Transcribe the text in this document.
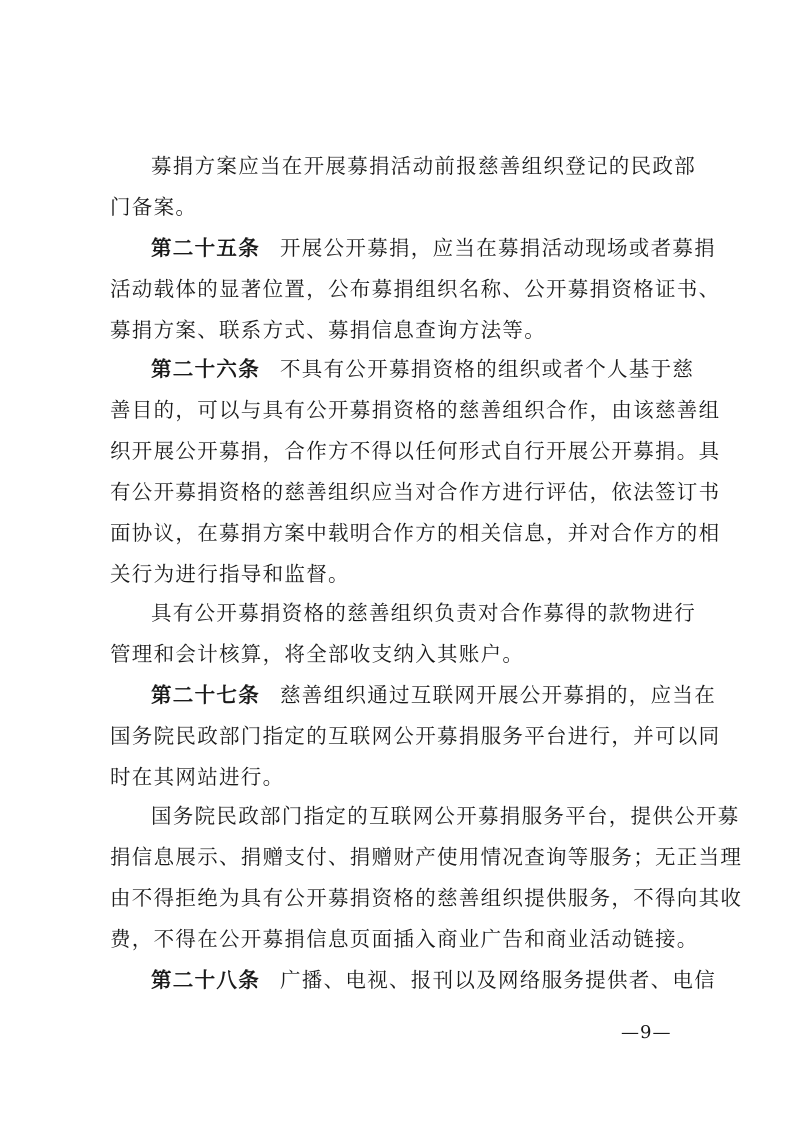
募捐方案应当在开展募捐活动前报慈善组织登记的民政部
门备案。
第二十五条 开展公开募捐，应当在募捐活动现场或者募捐
活动载体的显著位置，公布募捐组织名称、公开募捐资格证书、
募捐方案、联系方式、募捐信息查询方法等。
第二十六条 不具有公开募捐资格的组织或者个人基于慈
善目的，可以与具有公开募捐资格的慈善组织合作，由该慈善组
织开展公开募捐，合作方不得以任何形式自行开展公开募捐。具
有公开募捐资格的慈善组织应当对合作方进行评估，依法签订书
面协议，在募捐方案中载明合作方的相关信息，并对合作方的相
关行为进行指导和监督。
具有公开募捐资格的慈善组织负责对合作募得的款物进行
管理和会计核算，将全部收支纳入其账户。
第二十七条 慈善组织通过互联网开展公开募捐的，应当在
国务院民政部门指定的互联网公开募捐服务平台进行，并可以同
时在其网站进行。
国务院民政部门指定的互联网公开募捐服务平台，提供公开募
捐信息展示、捐赠支付、捐赠财产使用情况查询等服务；无正当理
由不得拒绝为具有公开募捐资格的慈善组织提供服务，不得向其收
费，不得在公开募捐信息页面插入商业广告和商业活动链接。
第二十八条 广播、电视、报刊以及网络服务提供者、电信
—9—
